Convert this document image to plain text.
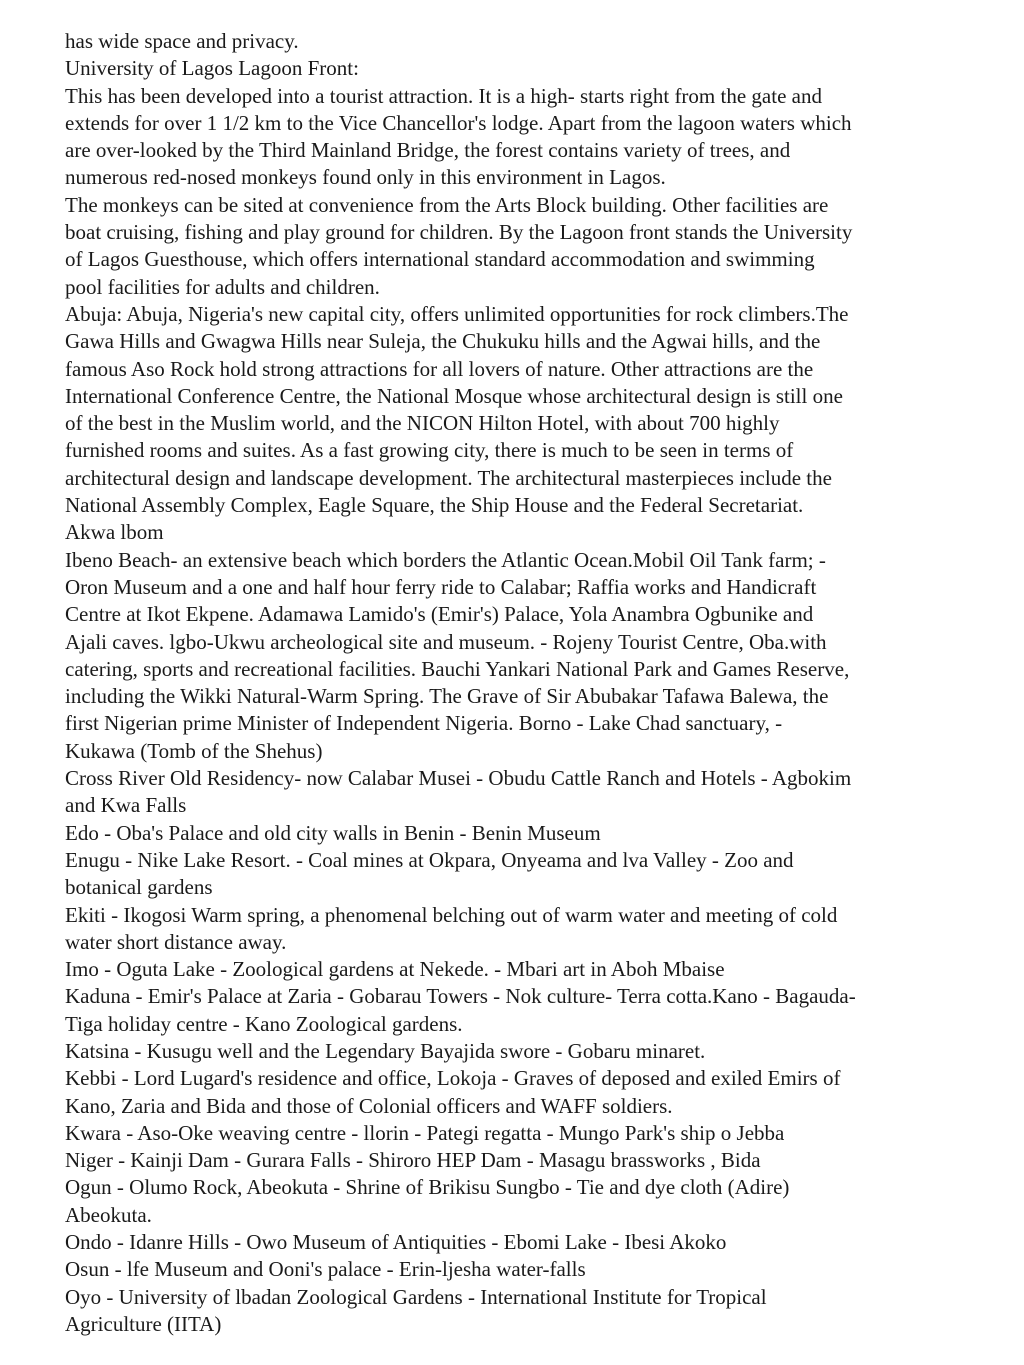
has wide space and privacy.

University of Lagos Lagoon Front:

This has been developed into a tourist attraction. It is a high- starts right from the gate and
extends for over 1 1/2 km to the Vice Chancellor's lodge. Apart from the lagoon waters which
are over-looked by the Third Mainland Bridge, the forest contains variety of trees, and
numerous red-nosed monkeys found only in this environment in Lagos.

The monkeys can be sited at convenience from the Arts Block building. Other facilities are
boat cruising, fishing and play ground for children. By the Lagoon front stands the University
of Lagos Guesthouse, which offers international standard accommodation and swimming
pool facilities for adults and children.

Abuja: Abuja, Nigeria's new capital city, offers unlimited opportunities for rock climbers.The
Gawa Hills and Gwagwa Hills near Suleja, the Chukuku hills and the Agwai hills, and the
famous Aso Rock hold strong attractions for all lovers of nature. Other attractions are the
International Conference Centre, the National Mosque whose architectural design is still one
of the best in the Muslim world, and the NICON Hilton Hotel, with about 700 highly
furnished rooms and suites. As a fast growing city, there is much to be seen in terms of
architectural design and landscape development. The architectural masterpieces include the
National Assembly Complex, Eagle Square, the Ship House and the Federal Secretariat.

Akwa lbom

Ibeno Beach- an extensive beach which borders the Atlantic Ocean.Mobil Oil Tank farm; -
Oron Museum and a one and half hour ferry ride to Calabar; Raffia works and Handicraft
Centre at Ikot Ekpene. Adamawa Lamido's (Emir's) Palace, Yola Anambra Ogbunike and
Ajali caves. lgbo-Ukwu archeological site and museum. - Rojeny Tourist Centre, Oba.with
catering, sports and recreational facilities. Bauchi Yankari National Park and Games Reserve,
including the Wikki Natural-Warm Spring. The Grave of Sir Abubakar Tafawa Balewa, the
first Nigerian prime Minister of Independent Nigeria. Borno - Lake Chad sanctuary, -
Kukawa (Tomb of the Shehus)

Cross River Old Residency- now Calabar Musei - Obudu Cattle Ranch and Hotels - Agbokim
and Kwa Falls

Edo - Oba's Palace and old city walls in Benin - Benin Museum

Enugu - Nike Lake Resort. - Coal mines at Okpara, Onyeama and lva Valley - Zoo and
botanical gardens

Ekiti - Ikogosi Warm spring, a phenomenal belching out of warm water and meeting of cold
water short distance away.

Imo - Oguta Lake - Zoological gardens at Nekede. - Mbari art in Aboh Mbaise

Kaduna - Emir's Palace at Zaria - Gobarau Towers - Nok culture- Terra cotta.Kano - Bagauda-
Tiga holiday centre - Kano Zoological gardens.

Katsina - Kusugu well and the Legendary Bayajida swore - Gobaru minaret.

Kebbi - Lord Lugard's residence and office, Lokoja - Graves of deposed and exiled Emirs of
Kano, Zaria and Bida and those of Colonial officers and WAFF soldiers.

Kwara - Aso-Oke weaving centre - llorin - Pategi regatta - Mungo Park's ship o Jebba

Niger - Kainji Dam - Gurara Falls - Shiroro HEP Dam - Masagu brassworks , Bida

Ogun - Olumo Rock, Abeokuta - Shrine of Brikisu Sungbo - Tie and dye cloth (Adire)
Abeokuta.

Ondo - Idanre Hills - Owo Museum of Antiquities - Ebomi Lake - Ibesi Akoko

Osun - lfe Museum and Ooni's palace - Erin-ljesha water-falls

Oyo - University of lbadan Zoological Gardens - International Institute for Tropical
Agriculture (IITA)
